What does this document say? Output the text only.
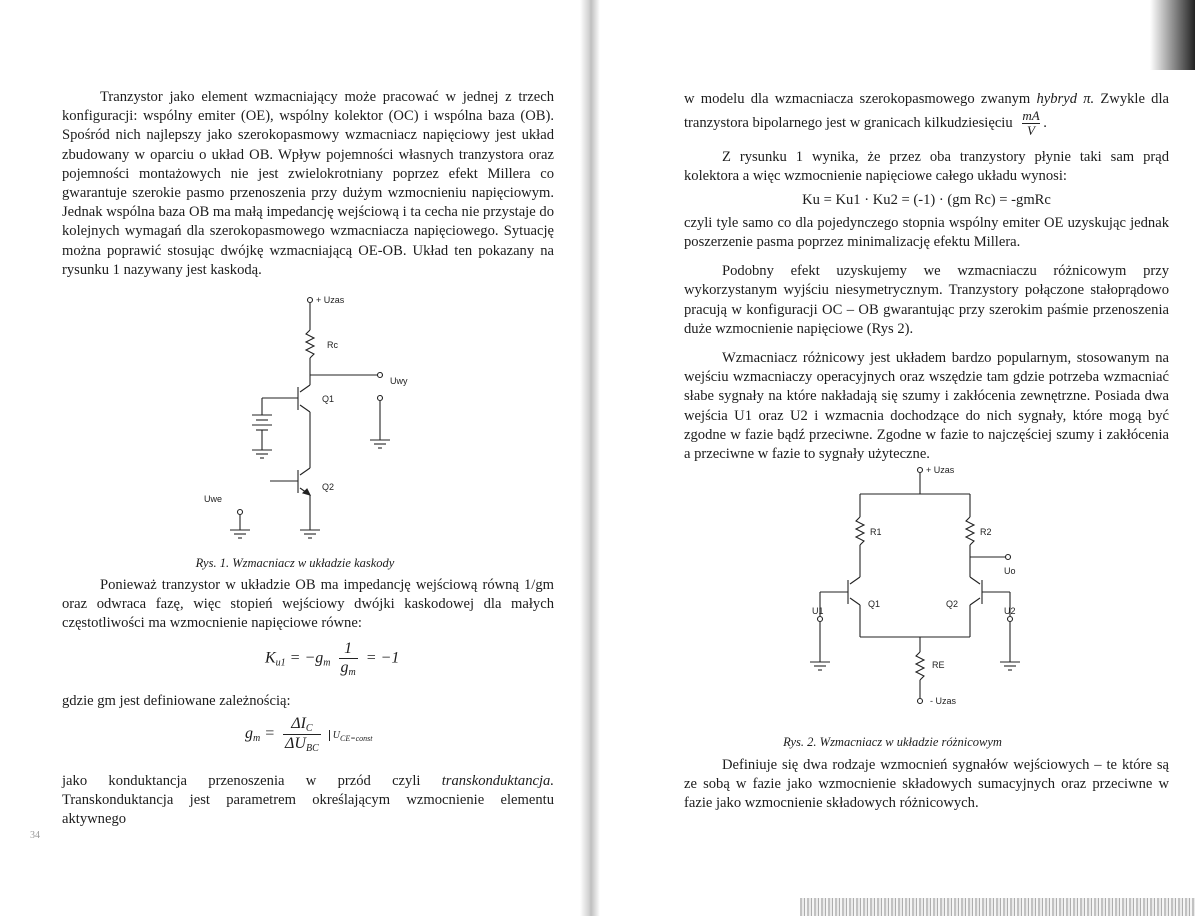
Tranzystor jako element wzmacniający może pracować w jednej z trzech konfiguracji: wspólny emiter (OE), wspólny kolektor (OC) i wspólna baza (OB). Spośród nich najlepszy jako szerokopasmowy wzmacniacz napięciowy jest układ zbudowany w oparciu o układ OB. Wpływ pojemności własnych tranzystora oraz pojemności montażowych nie jest zwielokrotniany poprzez efekt Millera co gwarantuje szerokie pasmo przenoszenia przy dużym wzmocnieniu napięciowym. Jednak wspólna baza OB ma małą impedancję wejściową i ta cecha nie przystaje do kolejnych wymagań dla szerokopasmowego wzmacniacza napięciowego. Sytuację można poprawić stosując dwójkę wzmacniającą OE-OB. Układ ten pokazany na rysunku 1 nazywany jest kaskodą.

+ Uzas
Rc
Uwy
Q1
Q2
Uwe
Rys. 1. Wzmacniacz w układzie kaskody

Ponieważ tranzystor w układzie OB ma impedancję wejściową równą 1/gm oraz odwraca fazę, więc stopień wejściowy dwójki kaskodowej dla małych częstotliwości ma wzmocnienie napięciowe równe:

$K_{u1} = -g_m \frac{1}{g_m} = -1$

gdzie gm jest definiowane zależnością:

$g_m = \frac{\Delta I_C}{\Delta U_{BC}} U_{CE=const}$

jako konduktancja przenoszenia w przód czyli transkonduktancja. Transkonduktancja jest parametrem określającym wzmocnienie elementu aktywnego

34

w modelu dla wzmacniacza szerokopasmowego zwanym hybryd π. Zwykle dla tranzystora bipolarnego jest w granicach kilkudziesięciu $\frac{mA}{V}$ .

Z rysunku 1 wynika, że przez oba tranzystory płynie taki sam prąd kolektora a więc wzmocnienie napięciowe całego układu wynosi:

Ku = Ku1 · Ku2 = (-1) · (gm Rc) = -gmRc

czyli tyle samo co dla pojedynczego stopnia wspólny emiter OE uzyskując jednak poszerzenie pasma poprzez minimalizację efektu Millera.

Podobny efekt uzyskujemy we wzmacniaczu różnicowym przy wykorzystanym wyjściu niesymetrycznym. Tranzystory połączone stałoprądowo pracują w konfiguracji OC – OB gwarantując przy szerokim paśmie przenoszenia duże wzmocnienie napięciowe (Rys 2).

Wzmacniacz różnicowy jest układem bardzo popularnym, stosowanym na wejściu wzmacniaczy operacyjnych oraz wszędzie tam gdzie potrzeba wzmacniać słabe sygnały na które nakładają się szumy i zakłócenia zewnętrzne. Posiada dwa wejścia U1 oraz U2 i wzmacnia dochodzące do nich sygnały, które mogą być zgodne w fazie bądź przeciwne. Zgodne w fazie to najczęściej szumy i zakłócenia a przeciwne w fazie to sygnały użyteczne.

+ Uzas
R1	R2
Uo
Q1	Q2
U1	U2
RE
- Uzas
Rys. 2. Wzmacniacz w układzie różnicowym

Definiuje się dwa rodzaje wzmocnień sygnałów wejściowych – te które są ze sobą w fazie jako wzmocnienie składowych sumacyjnych oraz przeciwne w fazie jako wzmocnienie składowych różnicowych.
